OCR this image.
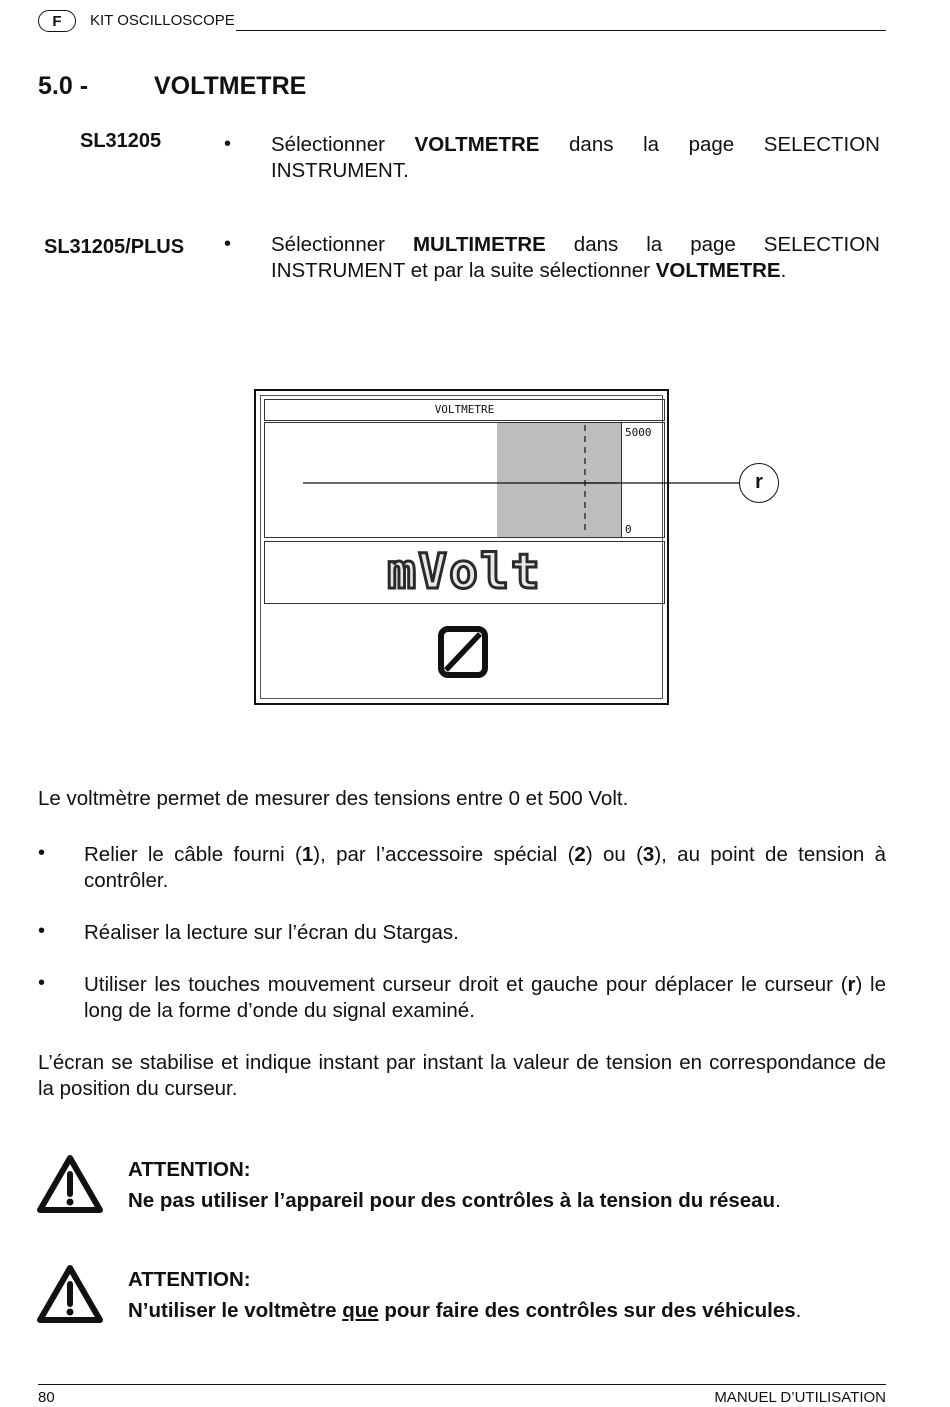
F	KIT OSCILLOSCOPE
5.0 -	VOLTMETRE
SL31205	• Sélectionner VOLTMETRE dans la page SELECTION INSTRUMENT.
SL31205/PLUS • Sélectionner MULTIMETRE dans la page SELECTION INSTRUMENT et par la suite sélectionner VOLTMETRE.
VOLTMETRE
5000
0
mVolt
r
Le voltmètre permet de mesurer des tensions entre 0 et 500 Volt.
• Relier le câble fourni (1), par l’accessoire spécial (2) ou (3), au point de tension à contrôler.
• Réaliser la lecture sur l’écran du Stargas.
• Utiliser les touches mouvement curseur droit et gauche pour déplacer le curseur (r) le long de la forme d’onde du signal examiné.
L’écran se stabilise et indique instant par instant la valeur de tension en correspondance de la position du curseur.
ATTENTION:
Ne pas utiliser l’appareil pour des contrôles à la tension du réseau.
ATTENTION:
N’utiliser le voltmètre que pour faire des contrôles sur des véhicules.
80	MANUEL D’UTILISATION
